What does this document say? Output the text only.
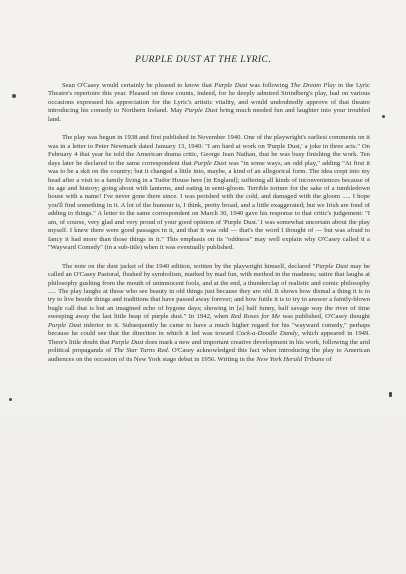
PURPLE DUST AT THE LYRIC.

Sean O'Casey would certainly be pleased to know that Purple Dust was following The Dream Play in the Lyric Theatre's repertoire this year. Pleased on three counts, indeed, for he deeply admired Strindberg's play, had on various occasions expressed his appreciation for the Lyric's artistic vitality, and would undoubtedly approve of that theatre introducing his comedy to Northern Ireland. May Purple Dust bring much needed fun and laughter into your troubled land.

The play was begun in 1938 and first published in November 1940. One of the playwright's earliest comments on it was in a letter to Peter Newmark dated January 13, 1940: "I am hard at work on 'Purple Dust,' a joke in three acts." On February 4 that year he told the American drama critic, George Jean Nathan, that he was busy finishing the work. Ten days later he declared to the same correspondent that Purple Dust was "in some ways, an odd play," adding "At first it was to be a skit on the country; but it changed a little into, maybe, a kind of an allegorical form. The idea crept into my head after a visit to a family living in a Tudor House here [in England]; suffering all kinds of inconveniences because of its age and history; going about with lanterns, and eating in semi-gloom. Terrible torture for the sake of a tumbledown house with a name! I've never gone there since. I was perished with the cold, and damaged with the gloom ..... I hope you'll find something in it. A lot of the humour is, I think, pretty broad, and a little exaggerated; but we Irish are fond of adding to things." A letter to the same correspondent on March 30, 1940 gave his response to that critic's judgement: "I am, of course, very glad and very proud of your good opinion of 'Purple Dust.' I was somewhat uncertain about the play myself. I knew there were good passages in it, and that it was odd — that's the word I thought of — but was afraid to fancy it had more than those things in it." This emphasis on its "oddness" may well explain why O'Casey called it a "Wayward Comedy" (in a sub-title) when it was eventually published.

The note on the dust jacket of the 1940 edition, written by the playwright himself, declared "Purple Dust may be called an O'Casey Pastoral, flushed by symbolism, marked by mad fun, with method in the madness; satire that laughs at philosophy gushing from the mouth of unimnocent fools, and at the end, a thunderclap of realistic and comic philosophy ..... The play laughs at those who see beauty in old things just because they are old. It shows how dismal a thing it is to try to live beside things and traditions that have passed away forever; and how futile it is to try to answer a faintly-blown bugle call that is but an imagined echo of bygone days; showing in [a] half funny, half savage way the river of time sweeping away the last little heap of purple dust." In 1942, when Red Roses for Me was published, O'Casey thought Purple Dust inferior to it. Subsequently he came to have a much higher regard for his "wayward comedy," perhaps because he could see that the direction in which it led was toward Cock-a-Doodle Dandy, which appeared in 1949. There's little doubt that Purple Dust does mark a new and important creative development in his work, following the arid political propaganda of The Star Turns Red. O'Casey acknowledged this fact when introducing the play to American audiences on the occasion of its New York stage debut in 1956. Writing in the New York Herald Tribune of
